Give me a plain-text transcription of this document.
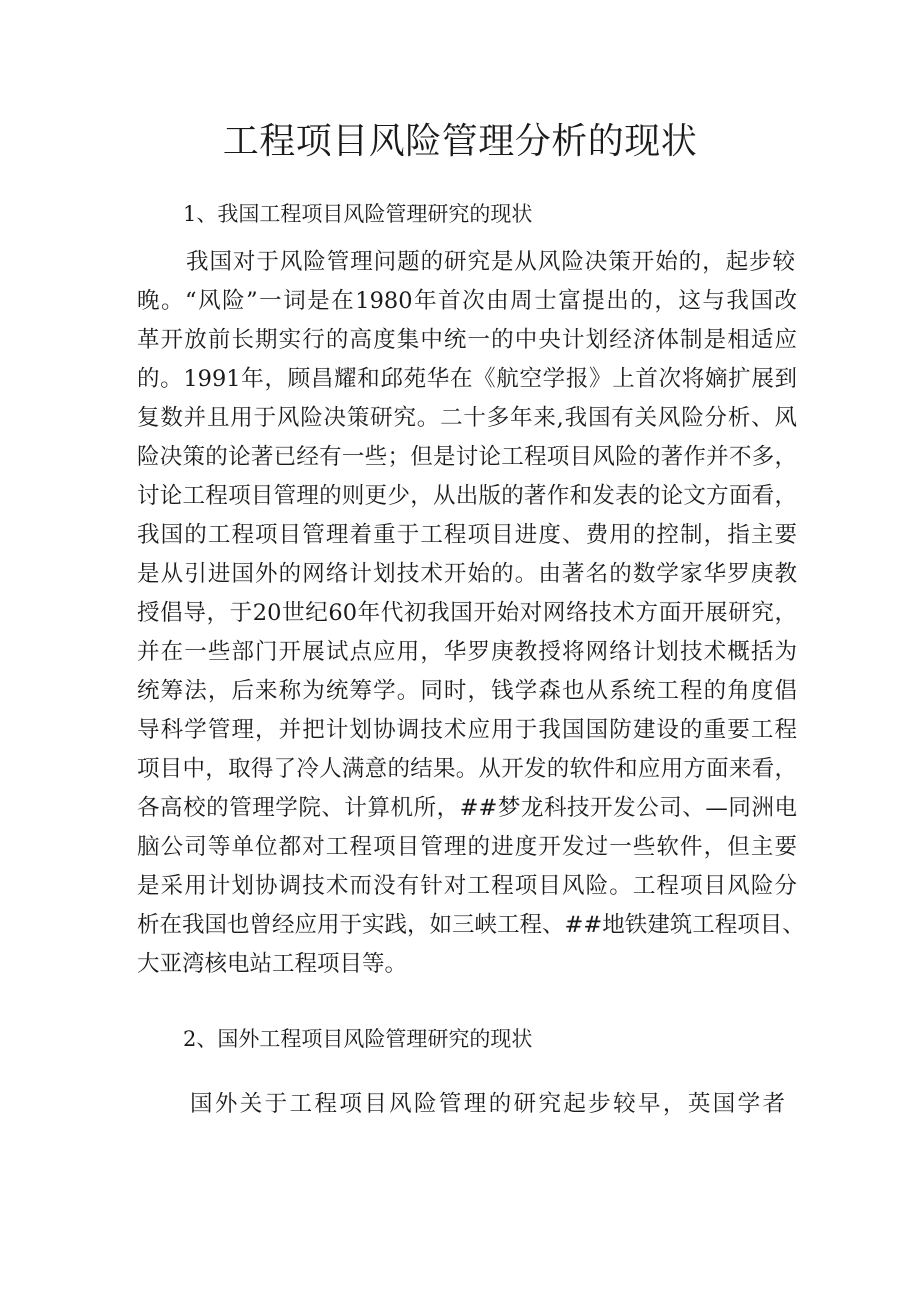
工程项目风险管理分析的现状
1、我国工程项目风险管理研究的现状
我国对于风险管理问题的研究是从风险决策开始的，起步较
晚。“风险”一词是在1980年首次由周士富提出的，这与我国改
革开放前长期实行的高度集中统一的中央计划经济体制是相适应
的。1991年，顾昌耀和邱苑华在《航空学报》上首次将嫡扩展到
复数并且用于风险决策研究。二十多年来,我国有关风险分析、风
险决策的论著已经有一些；但是讨论工程项目风险的著作并不多，
讨论工程项目管理的则更少，从出版的著作和发表的论文方面看，
我国的工程项目管理着重于工程项目进度、费用的控制，指主要
是从引进国外的网络计划技术开始的。由著名的数学家华罗庚教
授倡导，于20世纪60年代初我国开始对网络技术方面开展研究，
并在一些部门开展试点应用，华罗庚教授将网络计划技术概括为
统筹法，后来称为统筹学。同时，钱学森也从系统工程的角度倡
导科学管理，并把计划协调技术应用于我国国防建设的重要工程
项目中，取得了冷人满意的结果。从开发的软件和应用方面来看，
各高校的管理学院、计算机所，##梦龙科技开发公司、—同洲电
脑公司等单位都对工程项目管理的进度开发过一些软件，但主要
是采用计划协调技术而没有针对工程项目风险。工程项目风险分
析在我国也曾经应用于实践，如三峡工程、##地铁建筑工程项目、
大亚湾核电站工程项目等。
2、国外工程项目风险管理研究的现状
国外关于工程项目风险管理的研究起步较早，英国学者
